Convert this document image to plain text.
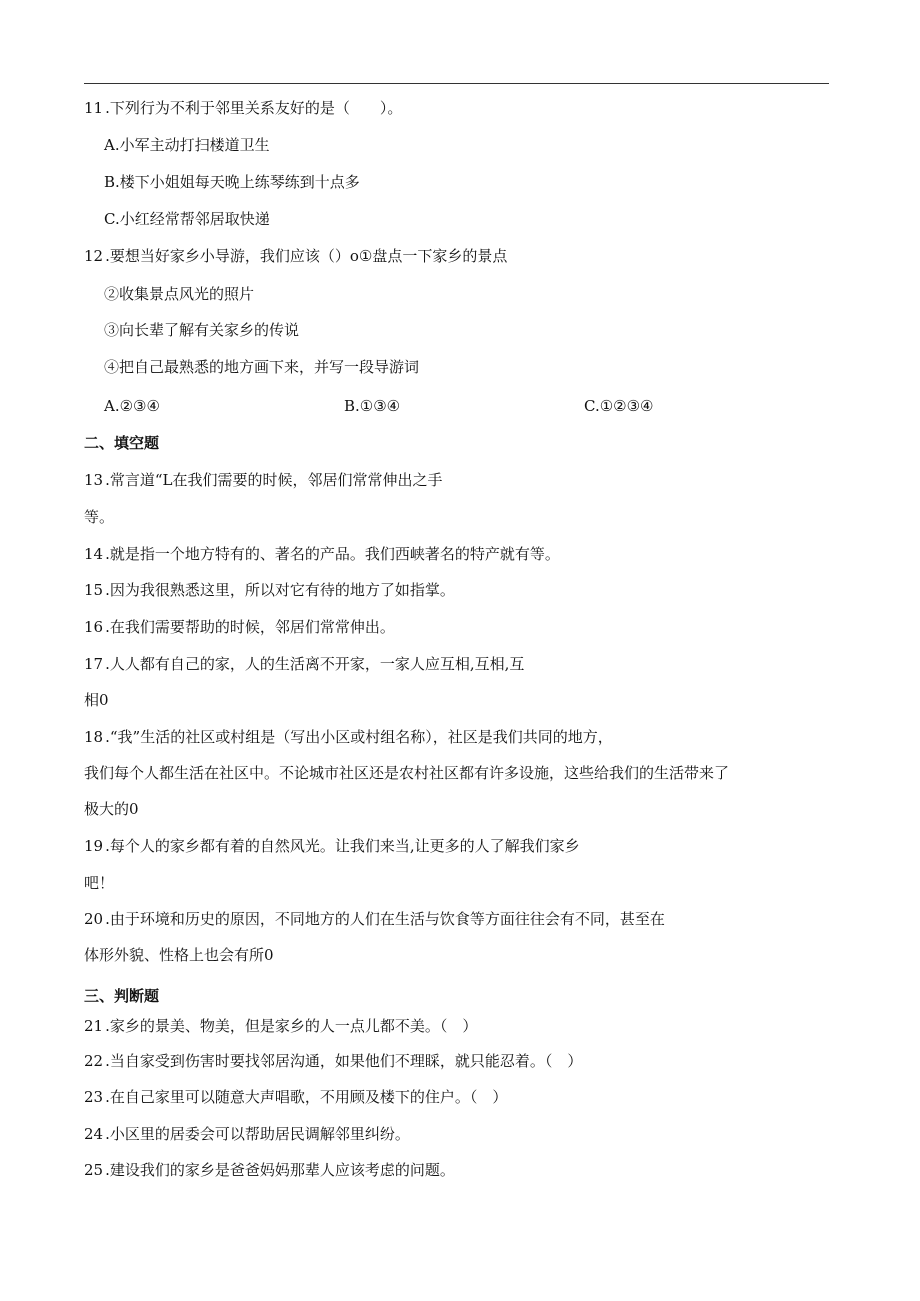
11 .下列行为不利于邻里关系友好的是（　　）。
A.小军主动打扫楼道卫生
B.楼下小姐姐每天晚上练琴练到十点多
C.小红经常帮邻居取快递
12 .要想当好家乡小导游，我们应该（）o①盘点一下家乡的景点
②收集景点风光的照片
③向长辈了解有关家乡的传说
④把自己最熟悉的地方画下来，并写一段导游词
A.②③④	B.①③④	C.①②③④
二、填空题
13 .常言道“L在我们需要的时候，邻居们常常伸出之手
等。
14 .就是指一个地方特有的、著名的产品。我们西峡著名的特产就有等。
15 .因为我很熟悉这里，所以对它有待的地方了如指掌。
16 .在我们需要帮助的时候，邻居们常常伸出。
17 .人人都有自己的家，人的生活离不开家，一家人应互相,互相,互
相0
18 .“我”生活的社区或村组是（写出小区或村组名称），社区是我们共同的地方，
我们每个人都生活在社区中。不论城市社区还是农村社区都有许多设施，这些给我们的生活带来了
极大的0
19 .每个人的家乡都有着的自然风光。让我们来当,让更多的人了解我们家乡
吧！
20 .由于环境和历史的原因，不同地方的人们在生活与饮食等方面往往会有不同，甚至在
体形外貌、性格上也会有所0
三、判断题
21 .家乡的景美、物美，但是家乡的人一点儿都不美。（　）
22 .当自家受到伤害时要找邻居沟通，如果他们不理睬，就只能忍着。（　）
23 .在自己家里可以随意大声唱歌，不用顾及楼下的住户。（　）
24 .小区里的居委会可以帮助居民调解邻里纠纷。
25 .建设我们的家乡是爸爸妈妈那辈人应该考虑的问题。
